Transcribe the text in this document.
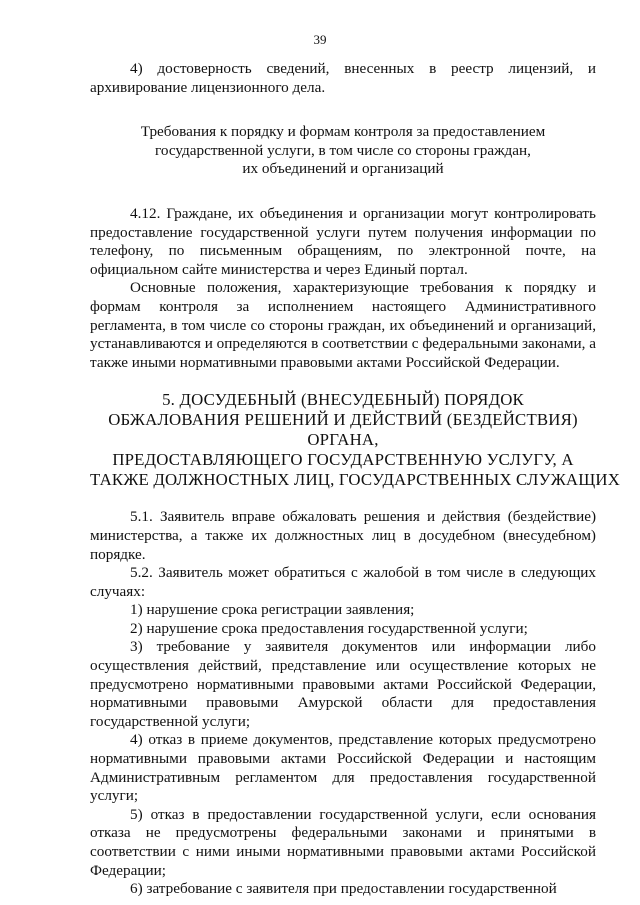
39

4) достоверность сведений, внесенных в реестр лицензий, и архивирование лицензионного дела.

Требования к порядку и формам контроля за предоставлением
государственной услуги, в том числе со стороны граждан,
их объединений и организаций

4.12. Граждане, их объединения и организации могут контролировать предоставление государственной услуги путем получения информации по телефону, по письменным обращениям, по электронной почте, на официальном сайте министерства и через Единый портал.

Основные положения, характеризующие требования к порядку и формам контроля за исполнением настоящего Административного регламента, в том числе со стороны граждан, их объединений и организаций, устанавливаются и определяются в соответствии с федеральными законами, а также иными нормативными правовыми актами Российской Федерации.

5. ДОСУДЕБНЫЙ (ВНЕСУДЕБНЫЙ) ПОРЯДОК
ОБЖАЛОВАНИЯ РЕШЕНИЙ И ДЕЙСТВИЙ (БЕЗДЕЙСТВИЯ)
ОРГАНА,
ПРЕДОСТАВЛЯЮЩЕГО ГОСУДАРСТВЕННУЮ УСЛУГУ, А
ТАКЖЕ ДОЛЖНОСТНЫХ ЛИЦ, ГОСУДАРСТВЕННЫХ СЛУЖАЩИХ

5.1. Заявитель вправе обжаловать решения и действия (бездействие) министерства, а также их должностных лиц в досудебном (внесудебном) порядке.

5.2. Заявитель может обратиться с жалобой в том числе в следующих случаях:

1) нарушение срока регистрации заявления;

2) нарушение срока предоставления государственной услуги;

3) требование у заявителя документов или информации либо осуществления действий, представление или осуществление которых не предусмотрено нормативными правовыми актами Российской Федерации, нормативными правовыми Амурской области для предоставления государственной услуги;

4) отказ в приеме документов, представление которых предусмотрено нормативными правовыми актами Российской Федерации и настоящим Административным регламентом для предоставления государственной услуги;

5) отказ в предоставлении государственной услуги, если основания отказа не предусмотрены федеральными законами и принятыми в соответствии с ними иными нормативными правовыми актами Российской Федерации;

6) затребование с заявителя при предоставлении государственной
